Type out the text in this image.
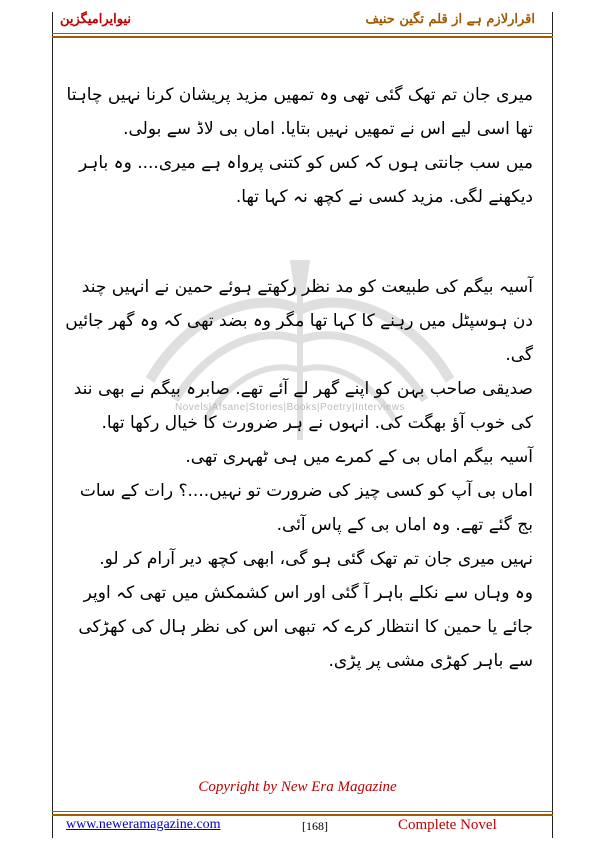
نیوایرامیگزین	اقرارلازم ہے از قلم تگین حنیف
Novels|Afsane|Stories|Books|Poetry|Interviews

میری جان تم تھک گئی تھی وہ تمھیں مزید پریشان کرنا نہیں چاہتا تھا اسی لیے اس نے تمھیں نہیں بتایا. اماں بی لاڈ سے بولی.

میں سب جانتی ہوں کہ کس کو کتنی پرواہ ہے میری.... وہ باہر دیکھنے لگی. مزید کسی نے کچھ نہ کہا تھا.

آسیہ بیگم کی طبیعت کو مد نظر رکھتے ہوئے حمین نے انہیں چند دن ہوسپٹل میں رہنے کا کہا تھا مگر وہ بضد تھی کہ وہ گھر جائیں گی.

صدیقی صاحب بہن کو اپنے گھر لے آئے تھے. صابرہ بیگم نے بھی نند کی خوب آؤ بھگت کی. انہوں نے ہر ضرورت کا خیال رکھا تھا.

آسیہ بیگم اماں بی کے کمرے میں ہی ٹھہری تھی.

اماں بی آپ کو کسی چیز کی ضرورت تو نہیں....؟ رات کے سات بج گئے تھے. وہ اماں بی کے پاس آئی.

نہیں میری جان تم تھک گئی ہو گی، ابھی کچھ دیر آرام کر لو.

وہ وہاں سے نکلے باہر آ گئی اور اس کشمکش میں تھی کہ اوپر جائے یا حمین کا انتظار کرے کہ تبھی اس کی نظر ہال کی کھڑکی سے باہر کھڑی مشی پر پڑی.

Copyright by New Era Magazine
www.neweramagazine.com	[168]	Complete Novel
